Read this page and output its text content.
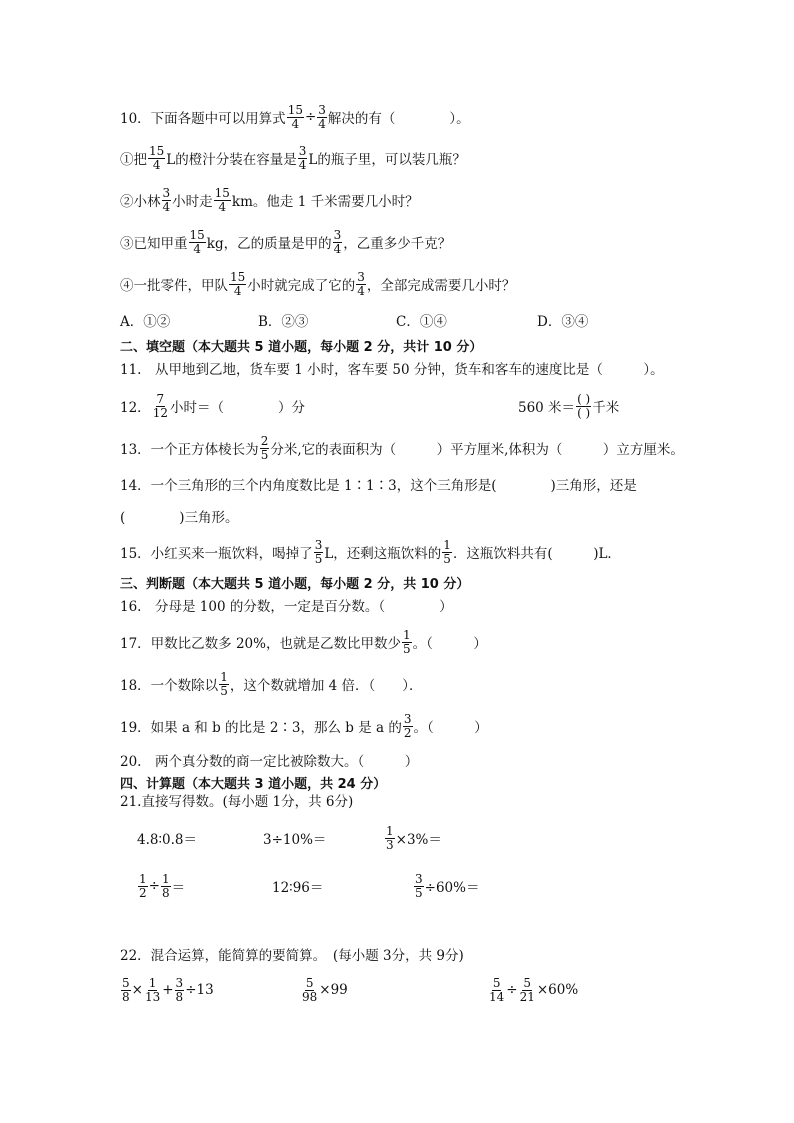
10．下面各题中可以用算式 $\frac{15}{4} \div \frac{3}{4}$ 解决的有（　　　　）。
①把 $\frac{15}{4}$ L的橙汁分装在容量是 $\frac{3}{4}$ L的瓶子里，可以装几瓶？
②小林 $\frac{3}{4}$ 小时走 $\frac{15}{4}$ km。他走 1 千米需要几小时？
③已知甲重 $\frac{15}{4}$ kg，乙的质量是甲的 $\frac{3}{4}$ ，乙重多少千克？
④一批零件，甲队 $\frac{15}{4}$ 小时就完成了它的 $\frac{3}{4}$ ，全部完成需要几小时？
A．①②	B．②③	C．①④	D．③④
二、填空题（本大题共 5 道小题，每小题 2 分，共计 10 分）
11.　从甲地到乙地，货车要 1 小时，客车要 50 分钟，货车和客车的速度比是（　　　）。
12． $\frac{7}{12}$ 小时＝（　　　　）分	560 米＝ $\frac{( )}{( )}$ 千米
13．一个正方体棱长为 $\frac{2}{5}$ 分米,它的表面积为（　　　）平方厘米,体积为（　　　）立方厘米。
14．一个三角形的三个内角度数比是 1∶1∶3，这个三角形是(　　　　)三角形，还是
(　　　　)三角形。
15．小红买来一瓶饮料，喝掉了 $\frac{3}{5}$ L，还剩这瓶饮料的 $\frac{1}{5}$ ．这瓶饮料共有(　　　)L．
三、判断题（本大题共 5 道小题，每小题 2 分，共 10 分）
16.　分母是 100 的分数，一定是百分数。（　　　　）
17．甲数比乙数多 20%，也就是乙数比甲数少 $\frac{1}{5}$ 。（　　　）
18．一个数除以 $\frac{1}{5}$ ，这个数就增加 4 倍．（　　）．
19．如果 a 和 b 的比是 2∶3，那么 b 是 a 的 $\frac{3}{2}$ 。（　　　）
20.　两个真分数的商一定比被除数大。（　　　）
四、计算题（本大题共 3 道小题，共 24 分）
21.直接写得数。(每小题 1分，共 6分)
4.8∶0.8＝	3÷10%＝	$\frac{1}{3} \times 3\%=$
$\frac{1}{2} \div \frac{1}{8}$ ＝	12∶96＝	$\frac{3}{5} \div 60\%=$
22．混合运算，能简算的要简算。　(每小题 3分，共 9分)
$\frac{5}{8} \times \frac{1}{13} + \frac{3}{8} \div 13$	$\frac{5}{98} \times 99$	$\frac{5}{14} \div \frac{5}{21} \times 60\%$
